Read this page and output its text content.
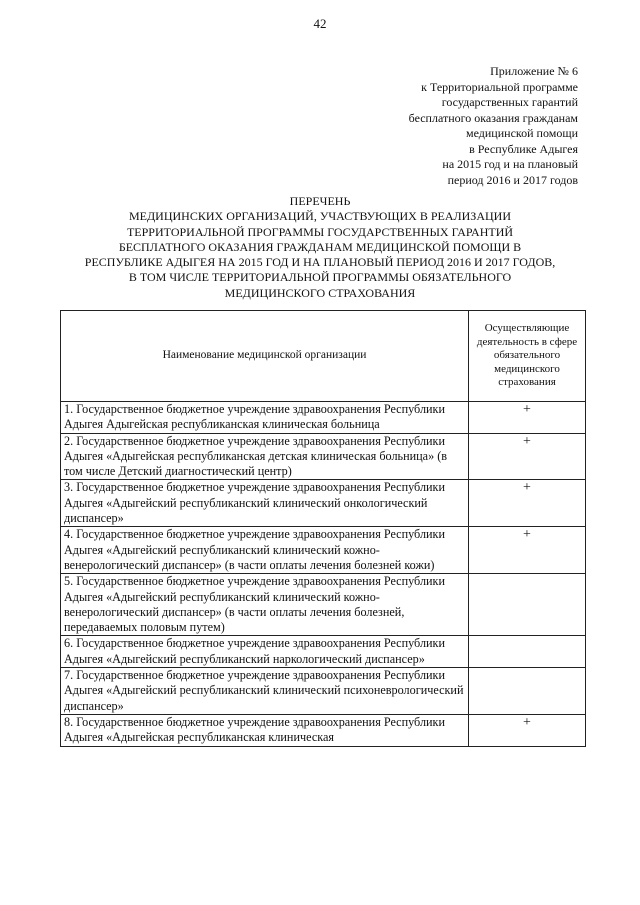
42
Приложение № 6
к Территориальной программе
государственных гарантий
бесплатного оказания гражданам
медицинской помощи
в Республике Адыгея
на 2015 год и на плановый
период 2016 и 2017 годов
ПЕРЕЧЕНЬ
МЕДИЦИНСКИХ ОРГАНИЗАЦИЙ, УЧАСТВУЮЩИХ В РЕАЛИЗАЦИИ
ТЕРРИТОРИАЛЬНОЙ ПРОГРАММЫ ГОСУДАРСТВЕННЫХ ГАРАНТИЙ
БЕСПЛАТНОГО ОКАЗАНИЯ ГРАЖДАНАМ МЕДИЦИНСКОЙ ПОМОЩИ В
РЕСПУБЛИКЕ АДЫГЕЯ НА 2015 ГОД И НА ПЛАНОВЫЙ ПЕРИОД 2016 И 2017 ГОДОВ,
В ТОМ ЧИСЛЕ ТЕРРИТОРИАЛЬНОЙ ПРОГРАММЫ ОБЯЗАТЕЛЬНОГО
МЕДИЦИНСКОГО СТРАХОВАНИЯ
Наименование медицинской организации	Осуществляющие деятельность в сфере обязательного медицинского страхования
1. Государственное бюджетное учреждение здравоохранения Республики Адыгея Адыгейская республиканская клиническая больница	+
2. Государственное бюджетное учреждение здравоохранения Республики Адыгея «Адыгейская республиканская детская клиническая больница» (в том числе Детский диагностический центр)	+
3. Государственное бюджетное учреждение здравоохранения Республики Адыгея «Адыгейский республиканский клинический онкологический диспансер»	+
4. Государственное бюджетное учреждение здравоохранения Республики Адыгея «Адыгейский республиканский клинический кожно-венерологический диспансер» (в части оплаты лечения болезней кожи)	+
5. Государственное бюджетное учреждение здравоохранения Республики Адыгея «Адыгейский республиканский клинический кожно-венерологический диспансер» (в части оплаты лечения болезней, передаваемых половым путем)	
6. Государственное бюджетное учреждение здравоохранения Республики Адыгея «Адыгейский республиканский наркологический диспансер»	
7. Государственное бюджетное учреждение здравоохранения Республики Адыгея «Адыгейский республиканский клинический психоневрологический диспансер»	
8. Государственное бюджетное учреждение здравоохранения Республики Адыгея «Адыгейская республиканская клиническая	+
